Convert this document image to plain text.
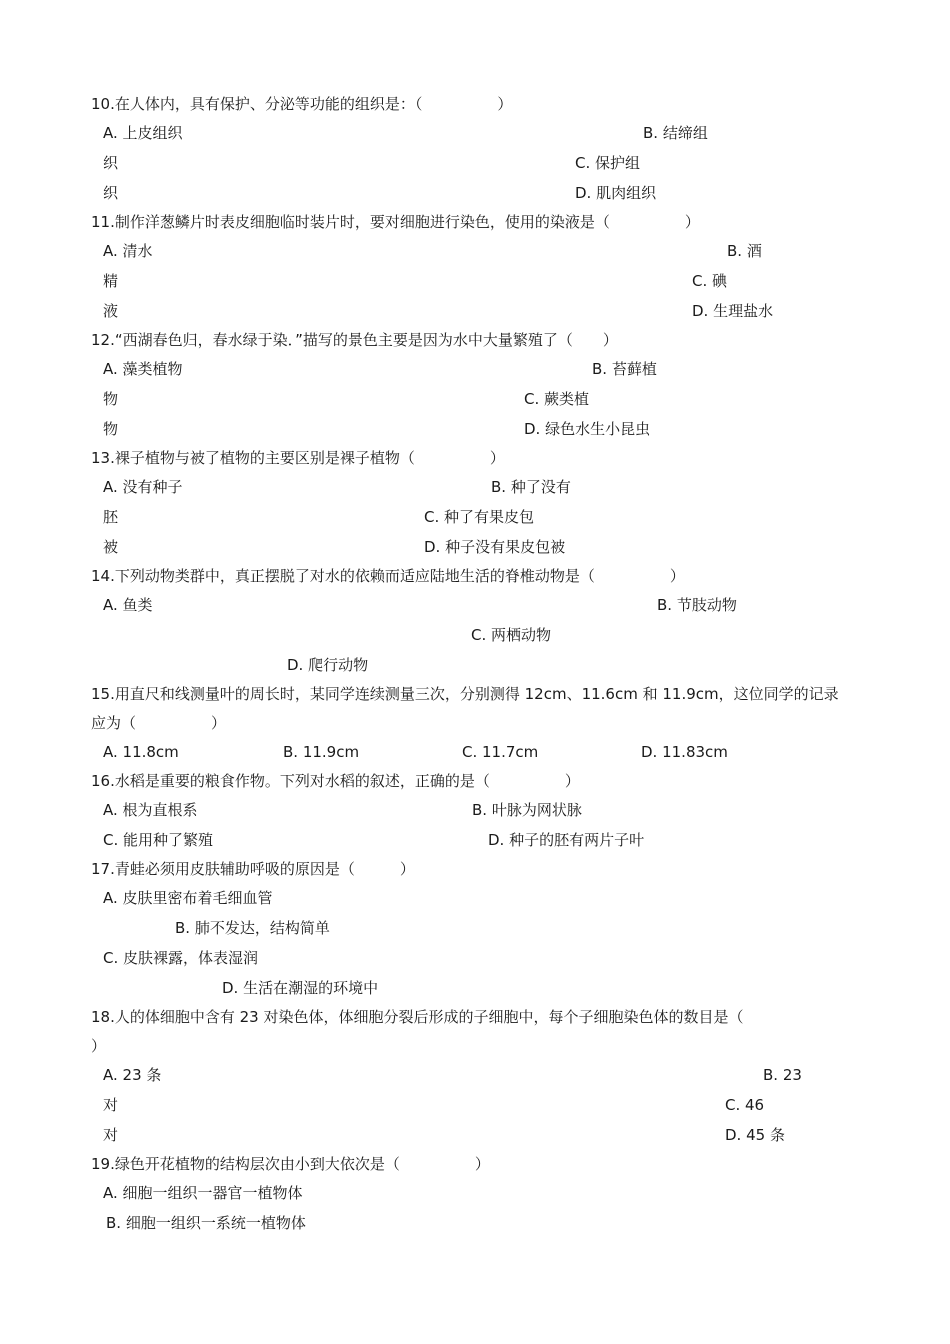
10.在人体内，具有保护、分泌等功能的组织是：（　　　　　）
A. 上皮组织	B. 结缔组
织	C. 保护组
织	D. 肌肉组织
11.制作洋葱鳞片时表皮细胞临时装片时，要对细胞进行染色，使用的染液是（　　　　　）
A. 清水	B. 酒
精	C. 碘
液	D. 生理盐水
12.“西湖春色归，春水绿于染．”描写的景色主要是因为水中大量繁殖了（　　）
A. 藻类植物	B. 苔藓植
物	C. 蕨类植
物	D. 绿色水生小昆虫
13.裸子植物与被了植物的主要区别是裸子植物（　　　　　）
A. 没有种子	B. 种了没有
胚	C. 种了有果皮包
被	D. 种子没有果皮包被
14.下列动物类群中，真正摆脱了对水的依赖而适应陆地生活的脊椎动物是（　　　　　）
A. 鱼类	B. 节肢动物
C. 两栖动物
D. 爬行动物
15.用直尺和线测量叶的周长时，某同学连续测量三次，分别测得 12cm、11.6cm 和 11.9cm，这位同学的记录
应为（　　　　　）
A. 11.8cm	B. 11.9cm	C. 11.7cm	D. 11.83cm
16.水稻是重要的粮食作物。下列对水稻的叙述，正确的是（　　　　　）
A. 根为直根系	B. 叶脉为网状脉
C. 能用种了繁殖	D. 种子的胚有两片子叶
17.青蛙必须用皮肤辅助呼吸的原因是（　　　）
A. 皮肤里密布着毛细血管
B. 肺不发达，结构简单
C. 皮肤裸露，体表湿润
D. 生活在潮湿的环境中
18.人的体细胞中含有 23 对染色体，体细胞分裂后形成的子细胞中，每个子细胞染色体的数目是（
）
A. 23 条	B. 23
对	C. 46
对	D. 45 条
19.绿色开花植物的结构层次由小到大依次是（　　　　　）
A. 细胞一组织一器官一植物体
B. 细胞一组织一系统一植物体
